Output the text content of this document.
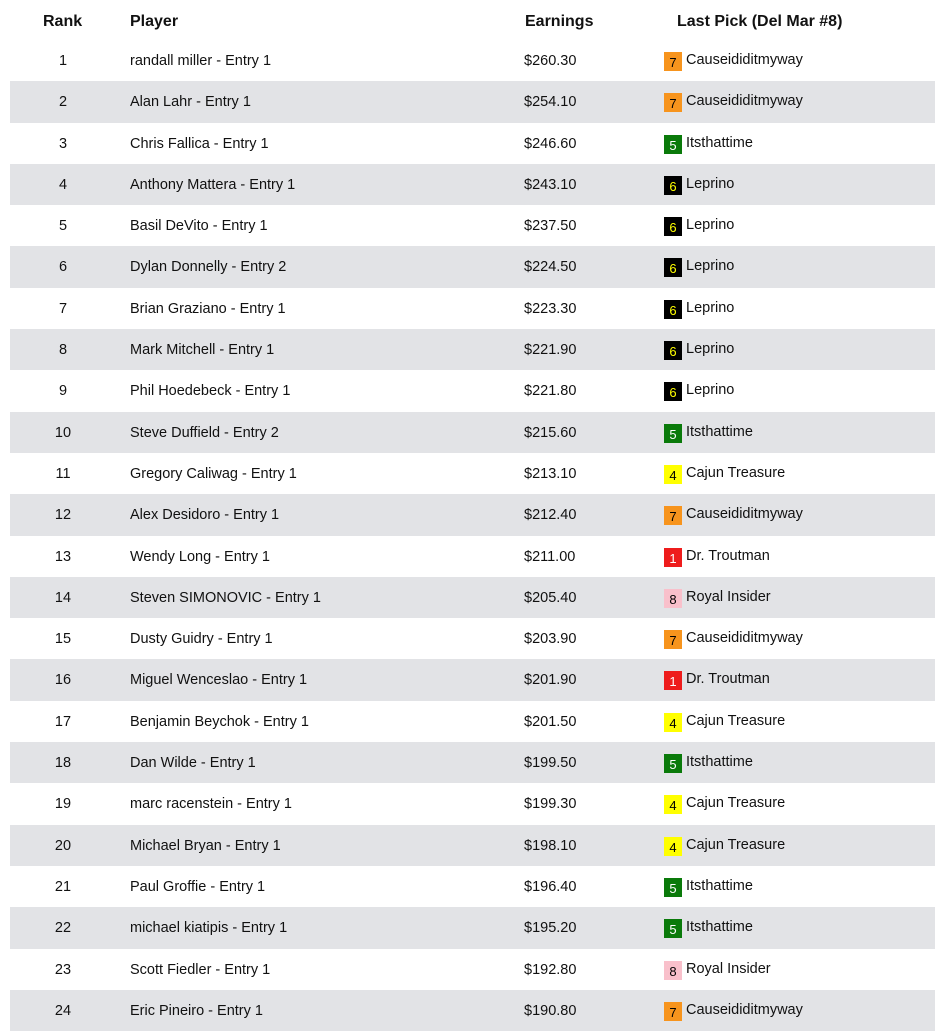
Rank	Player	Earnings	Last Pick (Del Mar #8)
1	randall miller - Entry 1	$260.30	7 Causeididitmyway
2	Alan Lahr - Entry 1	$254.10	7 Causeididitmyway
3	Chris Fallica - Entry 1	$246.60	5 Itsthattime
4	Anthony Mattera - Entry 1	$243.10	6 Leprino
5	Basil DeVito - Entry 1	$237.50	6 Leprino
6	Dylan Donnelly - Entry 2	$224.50	6 Leprino
7	Brian Graziano - Entry 1	$223.30	6 Leprino
8	Mark Mitchell - Entry 1	$221.90	6 Leprino
9	Phil Hoedebeck - Entry 1	$221.80	6 Leprino
10	Steve Duffield - Entry 2	$215.60	5 Itsthattime
11	Gregory Caliwag - Entry 1	$213.10	4 Cajun Treasure
12	Alex Desidoro - Entry 1	$212.40	7 Causeididitmyway
13	Wendy Long - Entry 1	$211.00	1 Dr. Troutman
14	Steven SIMONOVIC - Entry 1	$205.40	8 Royal Insider
15	Dusty Guidry - Entry 1	$203.90	7 Causeididitmyway
16	Miguel Wenceslao - Entry 1	$201.90	1 Dr. Troutman
17	Benjamin Beychok - Entry 1	$201.50	4 Cajun Treasure
18	Dan Wilde - Entry 1	$199.50	5 Itsthattime
19	marc racenstein - Entry 1	$199.30	4 Cajun Treasure
20	Michael Bryan - Entry 1	$198.10	4 Cajun Treasure
21	Paul Groffie - Entry 1	$196.40	5 Itsthattime
22	michael kiatipis - Entry 1	$195.20	5 Itsthattime
23	Scott Fiedler - Entry 1	$192.80	8 Royal Insider
24	Eric Pineiro - Entry 1	$190.80	7 Causeididitmyway
